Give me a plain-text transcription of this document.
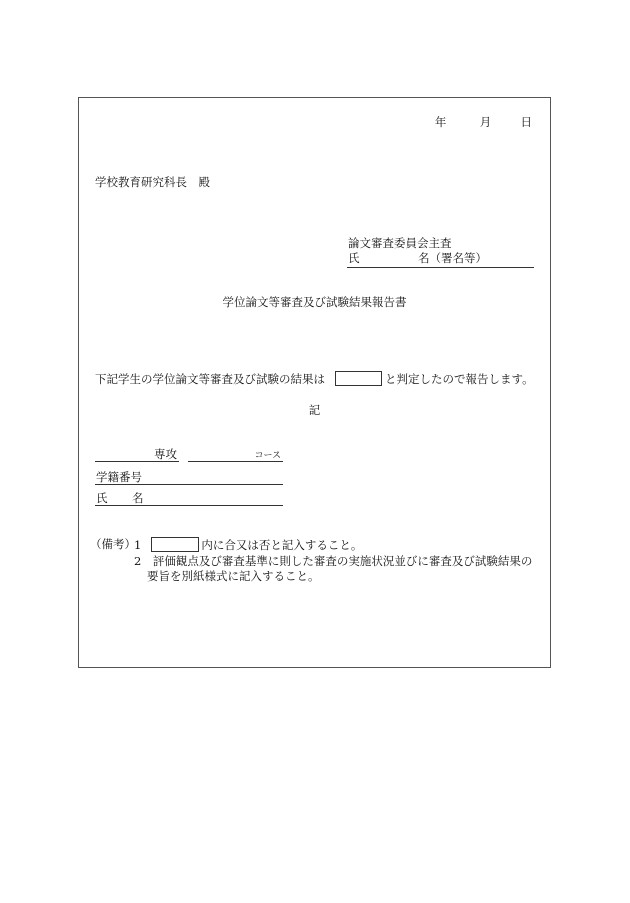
年	月	日
学校教育研究科長　殿
論文審査委員会主査
氏	名（署名等）
学位論文等審査及び試験結果報告書
下記学生の学位論文等審査及び試験の結果は	と判定したので報告します。
記
専攻	コース
学籍番号
氏 名
（備考）
1	内に合又は否と記入すること。
2　評価観点及び審査基準に則した審査の実施状況並びに審査及び試験結果の
要旨を別紙様式に記入すること。
